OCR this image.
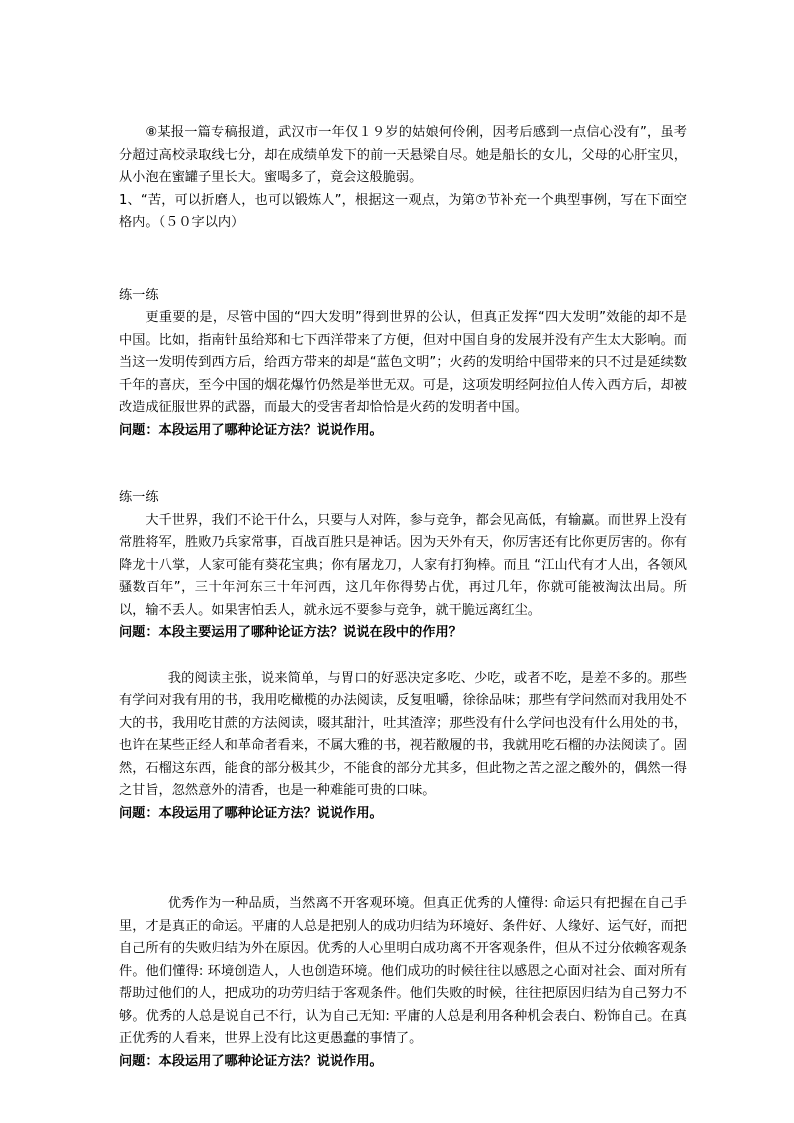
⑧某报一篇专稿报道，武汉市一年仅１９岁的姑娘何伶俐，因考后感到一点信心没有”，虽考分超过高校录取线七分，却在成绩单发下的前一天悬梁自尽。她是船长的女儿，父母的心肝宝贝，从小泡在蜜罐子里长大。蜜喝多了，竟会这般脆弱。

1、“苦，可以折磨人，也可以锻炼人”，根据这一观点，为第⑦节补充一个典型事例，写在下面空格内。（５０字以内）

练一练

更重要的是，尽管中国的“四大发明”得到世界的公认，但真正发挥“四大发明”效能的却不是中国。比如，指南针虽给郑和七下西洋带来了方便，但对中国自身的发展并没有产生太大影响。而当这一发明传到西方后，给西方带来的却是“蓝色文明”；火药的发明给中国带来的只不过是延续数千年的喜庆，至今中国的烟花爆竹仍然是举世无双。可是，这项发明经阿拉伯人传入西方后，却被改造成征服世界的武器，而最大的受害者却恰恰是火药的发明者中国。

问题：本段运用了哪种论证方法？说说作用。

练一练

大千世界，我们不论干什么，只要与人对阵，参与竞争，都会见高低，有输赢。而世界上没有常胜将军，胜败乃兵家常事，百战百胜只是神话。因为天外有天，你厉害还有比你更厉害的。你有降龙十八掌，人家可能有葵花宝典；你有屠龙刀，人家有打狗棒。而且 “江山代有才人出，各领风骚数百年”，三十年河东三十年河西，这几年你得势占优，再过几年，你就可能被淘汰出局。所以，输不丢人。如果害怕丢人，就永远不要参与竞争，就干脆远离红尘。

问题：本段主要运用了哪种论证方法？说说在段中的作用？

我的阅读主张，说来简单，与胃口的好恶决定多吃、少吃，或者不吃，是差不多的。那些有学问对我有用的书，我用吃橄榄的办法阅读，反复咀嚼，徐徐品味；那些有学问然而对我用处不大的书，我用吃甘蔗的方法阅读，啜其甜汁，吐其渣滓；那些没有什么学问也没有什么用处的书，也许在某些正经人和革命者看来，不属大雅的书，视若敝履的书，我就用吃石榴的办法阅读了。固然，石榴这东西，能食的部分极其少，不能食的部分尤其多，但此物之苦之涩之酸外的，偶然一得之甘旨，忽然意外的清香，也是一种难能可贵的口味。

问题：本段运用了哪种论证方法？说说作用。

优秀作为一种品质，当然离不开客观环境。但真正优秀的人懂得: 命运只有把握在自己手里，才是真正的命运。平庸的人总是把别人的成功归结为环境好、条件好、人缘好、运气好，而把自己所有的失败归结为外在原因。优秀的人心里明白成功离不开客观条件，但从不过分依赖客观条件。他们懂得: 环境创造人，人也创造环境。他们成功的时候往往以感恩之心面对社会、面对所有帮助过他们的人，把成功的功劳归结于客观条件。他们失败的时候，往往把原因归结为自己努力不够。优秀的人总是说自己不行，认为自己无知: 平庸的人总是利用各种机会表白、粉饰自己。在真正优秀的人看来，世界上没有比这更愚蠢的事情了。

问题：本段运用了哪种论证方法？说说作用。
